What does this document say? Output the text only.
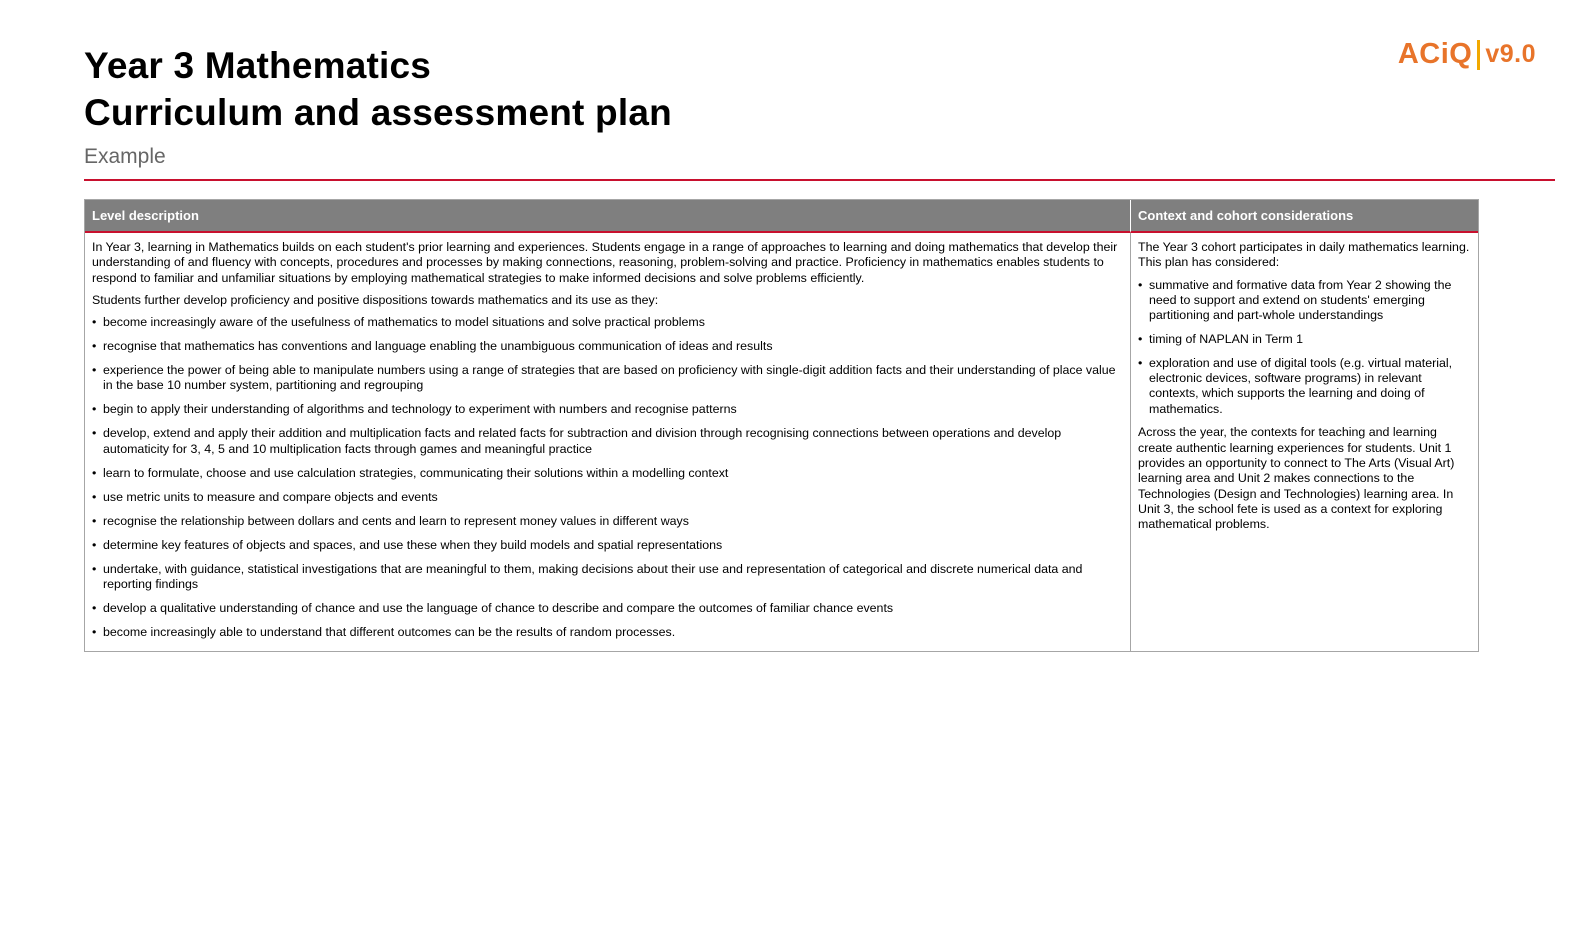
Year 3 Mathematics
Curriculum and assessment plan
Example
ACiQ v9.0
Level description	Context and cohort considerations

In Year 3, learning in Mathematics builds on each student's prior learning and experiences. Students engage in a range of approaches to learning and doing mathematics that develop their understanding of and fluency with concepts, procedures and processes by making connections, reasoning, problem-solving and practice. Proficiency in mathematics enables students to respond to familiar and unfamiliar situations by employing mathematical strategies to make informed decisions and solve problems efficiently.

Students further develop proficiency and positive dispositions towards mathematics and its use as they:

• become increasingly aware of the usefulness of mathematics to model situations and solve practical problems
• recognise that mathematics has conventions and language enabling the unambiguous communication of ideas and results
• experience the power of being able to manipulate numbers using a range of strategies that are based on proficiency with single-digit addition facts and their understanding of place value in the base 10 number system, partitioning and regrouping
• begin to apply their understanding of algorithms and technology to experiment with numbers and recognise patterns
• develop, extend and apply their addition and multiplication facts and related facts for subtraction and division through recognising connections between operations and develop automaticity for 3, 4, 5 and 10 multiplication facts through games and meaningful practice
• learn to formulate, choose and use calculation strategies, communicating their solutions within a modelling context
• use metric units to measure and compare objects and events
• recognise the relationship between dollars and cents and learn to represent money values in different ways
• determine key features of objects and spaces, and use these when they build models and spatial representations
• undertake, with guidance, statistical investigations that are meaningful to them, making decisions about their use and representation of categorical and discrete numerical data and reporting findings
• develop a qualitative understanding of chance and use the language of chance to describe and compare the outcomes of familiar chance events
• become increasingly able to understand that different outcomes can be the results of random processes.

The Year 3 cohort participates in daily mathematics learning. This plan has considered:

• summative and formative data from Year 2 showing the need to support and extend on students' emerging partitioning and part-whole understandings
• timing of NAPLAN in Term 1
• exploration and use of digital tools (e.g. virtual material, electronic devices, software programs) in relevant contexts, which supports the learning and doing of mathematics.

Across the year, the contexts for teaching and learning create authentic learning experiences for students. Unit 1 provides an opportunity to connect to The Arts (Visual Art) learning area and Unit 2 makes connections to the Technologies (Design and Technologies) learning area. In Unit 3, the school fete is used as a context for exploring mathematical problems.
